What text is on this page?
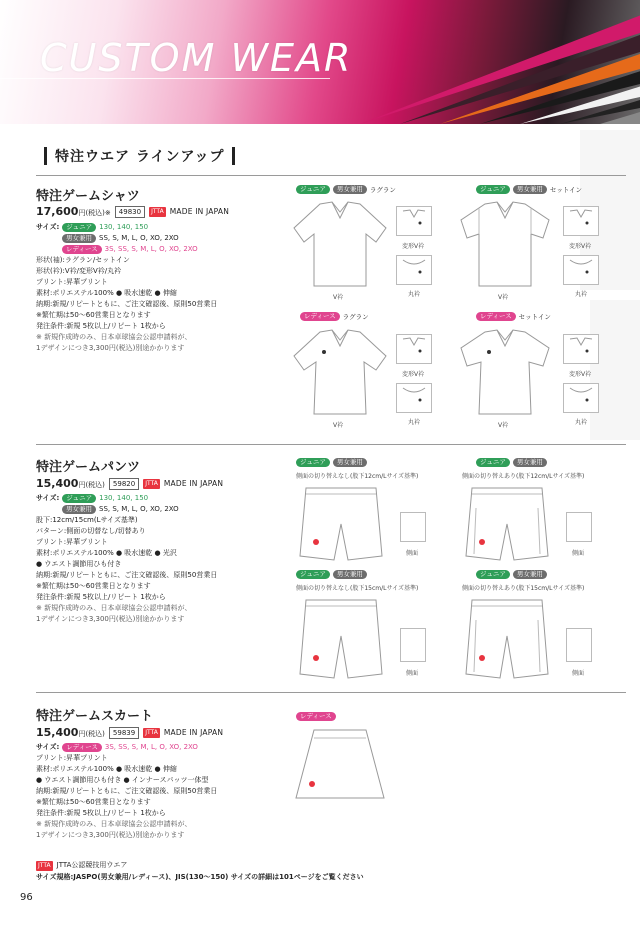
CUSTOM WEAR
特注ウエア ラインアップ
特注ゲームシャツ
17,600円(税込)※	49830	JTTA MADE IN JAPAN
サイズ:	ジュニア	130, 140, 150
男女兼用	SS, S, M, L, O, XO, 2XO
レディース	3S, SS, S, M, L, O, XO, 2XO
形状(袖):ラグラン/セットイン
形状(衿):V衿/変形V衿/丸衿
プリント:昇華プリント
素材:ポリエステル100% ● 吸水速乾 ● 伸縮
納期:新規/リピートともに、ご注文確認後、原則50営業日
※繁忙期は50〜60営業日となります
発注条件:新規 5枚以上/リピート 1枚から
※ 新規作成時のみ、日本卓球協会公認申請料が、
1デザインにつき3,300円(税込)別途かかります
ジュニア	男女兼用	ラグラン
V衿
変形V衿
丸衿
ジュニア	男女兼用	セットイン
V衿
変形V衿
丸衿
レディース	ラグラン
V衿
変形V衿
丸衿
レディース	セットイン
V衿
変形V衿
丸衿
特注ゲームパンツ
15,400円(税込)	59820	JTTA MADE IN JAPAN
サイズ:	ジュニア	130, 140, 150
男女兼用	SS, S, M, L, O, XO, 2XO
股下:12cm/15cm(Lサイズ基準)
パターン:側面の切替なし/切替あり
プリント:昇華プリント
素材:ポリエステル100% ● 吸水速乾 ● 光沢
● ウエスト調節用ひも付き
納期:新規/リピートともに、ご注文確認後、原則50営業日
※繁忙期は50〜60営業日となります
発注条件:新規 5枚以上/リピート 1枚から
※ 新規作成時のみ、日本卓球協会公認申請料が、
1デザインにつき3,300円(税込)別途かかります
ジュニア	男女兼用
側面の切り替えなし(股下12cm/Lサイズ基準)
側面
ジュニア	男女兼用
側面の切り替えあり(股下12cm/Lサイズ基準)
側面
ジュニア	男女兼用
側面の切り替えなし(股下15cm/Lサイズ基準)
側面
ジュニア	男女兼用
側面の切り替えあり(股下15cm/Lサイズ基準)
側面
特注ゲームスカート
15,400円(税込)	59839	JTTA MADE IN JAPAN
サイズ:	レディース	3S, SS, S, M, L, O, XO, 2XO
プリント:昇華プリント
素材:ポリエステル100% ● 吸水速乾 ● 伸縮
● ウエスト調節用ひも付き ● インナースパッツ一体型
納期:新規/リピートともに、ご注文確認後、原則50営業日
※繁忙期は50〜60営業日となります
発注条件:新規 5枚以上/リピート 1枚から
※ 新規作成時のみ、日本卓球協会公認申請料が、
1デザインにつき3,300円(税込)別途かかります
レディース
JTTA JTTA公認競技用ウエア
サイズ規格:JASPO(男女兼用/レディース)、JIS(130〜150) サイズの詳細は101ページをご覧ください
96
